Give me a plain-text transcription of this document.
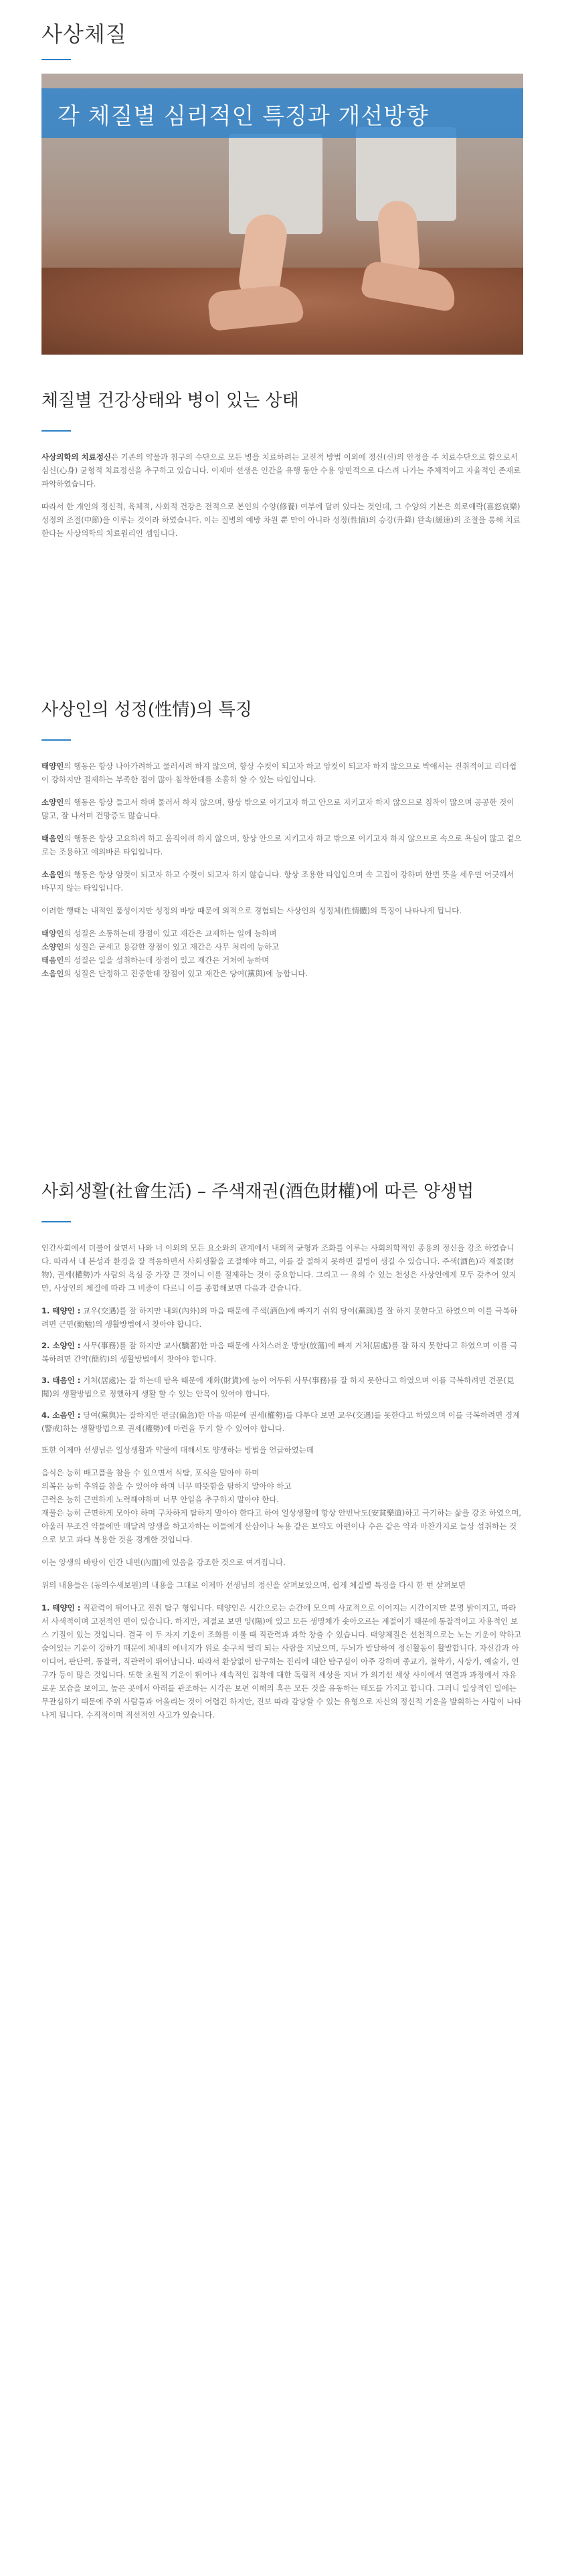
사상체질
각 체질별 심리적인 특징과 개선방향
체질별 건강상태와 병이 있는 상태

사상의학의 치료정신은 기존의 약물과 침구의 수단으로 모든 병을 치료하려는 고전적 방법 이외에 정신(신)의 안정을 주 치료수단으로 함으로서 심신(心身) 균형적 치료정신을 추구하고 있습니다. 이제마 선생은 인간을 유행 동안 수용 양면적으로 다스려 나가는 주체적이고 자율적인 존재로 파악하였습니다.

따라서 한 개인의 정신적, 육체적, 사회적 건강은 전적으로 본인의 수양(修養) 여부에 달려 있다는 것인데, 그 수양의 기본은 희로애락(喜怒哀樂) 성정의 조절(中節)을 이루는 것이라 하였습니다. 이는 질병의 예방 차원 뿐 만이 아니라 성정(性情)의 승강(升降) 완속(緩速)의 조절을 통해 치료한다는 사상의학의 치료원리인 셈입니다.

사상인의 성정(性情)의 특징

태양인의 행동은 항상 나아가려하고 물러서려 하지 않으며, 항상 수컷이 되고자 하고 암컷이 되고자 하지 않으므로 박애서는 진취적이고 리더쉽이 강하지만 절제하는 부족한 점이 많아 침착한데를 소홀히 할 수 있는 타입입니다.

소양인의 행동은 항상 들고서 하며 물러서 하지 않으며, 항상 밖으로 이기고자 하고 안으로 지키고자 하지 않으므로 침착이 많으며 공공한 것이 많고, 잘 나서며 건망증도 많습니다.

태음인의 행동은 항상 고요하려 하고 움직이려 하지 않으며, 항상 안으로 지키고자 하고 밖으로 이기고자 하지 않으므로 속으로 욕심이 많고 겉으로는 조용하고 예의바른 타입입니다.

소음인의 행동은 항상 암컷이 되고자 하고 수컷이 되고자 하지 않습니다. 항상 조용한 타입입으며 속 고집이 강하며 한번 뜻을 세우면 어긋해서 바꾸지 않는 타입입니다.

이러한 행태는 내적인 품성이지만 성정의 바탕 때문에 외적으로 경험되는 사상인의 성정체(性情體)의 특징이 나타나게 됩니다.

태양인의 성질은 소통하는데 장점이 있고 재간은 교제하는 일에 능하며
소양인의 성질은 굳세고 용감한 장점이 있고 재간은 사무 처리에 능하고
태음인의 성질은 일을 성취하는데 장점이 있고 재간은 거처에 능하며
소음인의 성질은 단정하고 진중한데 장점이 있고 재간은 당여(黨與)에 능합니다.
사회생활(社會生活) – 주색재권(酒色財權)에 따른 양생법

인간사회에서 더불어 살면서 나와 너 이외의 모든 요소와의 관계에서 내외적 균형과 조화를 이루는 사회의학적인 종용의 정신을 강조 하였습니다. 따라서 내 본성과 환경을 잘 적응하면서 사회생활을 조절해야 하고, 이를 잘 절하지 못하면 질병이 생길 수 있습니다. 주색(酒色)과 재물(財物), 권세(權勢)가 사람의 욕심 중 가장 큰 것이니 이를 절제하는 것이 중요합니다. 그리고 ㅡ 유의 수 있는 천성은 사상인에게 모두 갖추어 있지만, 사상인의 체질에 따라 그 비중이 다르니 이를 종합해보면 다음과 같습니다.

1. 태양인 : 교우(交遇)를 잘 하지만 내외(內外)의 마음 때문에 주색(酒色)에 빠지기 쉬워 당여(黨與)를 잘 하지 못한다고 하였으며 이를 극복하려면 근면(勤勉)의 생활방법에서 찾아야 합니다.
2. 소양인 : 사무(事務)를 잘 하지만 교사(驕奢)한 마음 때문에 사치스러운 방탕(放蕩)에 빠져 거처(居處)를 잘 하지 못한다고 하였으며 이를 극복하려면 간약(簡約)의 생활방법에서 찾아야 합니다.
3. 태음인 : 거처(居處)는 잘 하는데 탐욕 때문에 재화(財貨)에 능이 어두워 사무(事務)를 잘 하지 못한다고 하였으며 이를 극복하려면 견문(見聞)의 생활방법으로 정했하게 생활 할 수 있는 안목이 있어야 합니다.
4. 소음인 : 당여(黨與)는 잘하지만 편급(偏急)한 마음 때문에 권세(權勢)를 다투다 보면 교우(交遇)를 못한다고 하였으며 이를 극복하려면 경계(警戒)하는 생활방법으로 권세(權勢)에 마련을 두기 할 수 있어야 합니다.

또한 이제마 선생님은 일상생활과 약물에 대해서도 양생하는 방법을 언급하였는데

음식은 능히 배고픔을 참을 수 있으면서 식탐, 포식을 말아야 하며
의복은 능히 추위를 참을 수 있어야 하며 너무 따뜻함을 탐하지 말아야 하고
근력은 능히 근면하게 노력해야하며 너무 안일을 추구하지 말아야 한다.
재물은 능히 근면하게 모아야 하며 구차하게 탐하지 말아야 한다고 하여 일상생활에 항상 안빈낙도(安貧樂道)하고 극기하는 삶을 강조 하였으며, 아울러 무조건 약물에만 매달려 양생을 하고자하는 이들에게 산삼이나 녹용 같은 보약도 아편이나 수은 같은 약과 마찬가지로 늘상 섭취하는 것으로 보고 과다 복용한 것을 경계한 것입니다.

이는 양생의 바탕이 인간 내면(內面)에 있음을 강조한 것으로 여겨집니다.

위의 내용들은 (동의수세보원)의 내용을 그대로 이제마 선생님의 정신을 살펴보았으며, 쉽게 체질별 특징을 다시 한 번 살펴보면

1. 태양인 : 직관력이 뛰어나고 진취 탐구 형입니다. 태양인은 시간으로는 순간에 모으며 사교적으로 이어지는 시간이지만 분명 밝이지고, 따라서 사색적이며 고전적인 면이 있습니다. 하지만, 계절로 보면 양(陽)에 있고 모든 생명체가 솟아오르는 계절이기 때문에 통찰적이고 자용적인 보스 기질이 있는 것입니다. 결국 이 두 자지 기운이 조화를 이룰 때 직관력과 과학 창출 수 있습니다. 태양체질은 선천적으로는 노는 기운이 약하고 숨어있는 기운이 강하기 때문에 체내의 에너지가 위로 솟구쳐 떨리 되는 사람을 지났으며, 두뇌가 발달하여 정신활동이 활발합니다. 자신감과 아이디어, 판단력, 통찰력, 직관력이 뛰어납니다. 따라서 환상없이 탐구하는 진리에 대한 탐구심이 아주 강하며 종교가, 철학가, 사상가, 예술가, 연구가 등이 많은 것입니다. 또한 초월적 기운이 뛰어나 세속적인 집착에 대한 독립적 세상을 지녀 가 의기선 세상 사이에서 연결과 과정에서 자유로운 모습을 보이고, 높은 곳에서 아래를 관조하는 시각은 보편 이해의 혹은 모든 것을 유동하는 태도를 가지고 합니다. 그러니 일상적인 일에는 무관심하기 때문에 주위 사람들과 어울리는 것이 어렵긴 하지만, 진보 따라 감당할 수 있는 유형으로 자신의 정신적 기운을 발휘하는 사람이 나타나게 됩니다. 수직적이며 직선적인 사고가 있습니다.
